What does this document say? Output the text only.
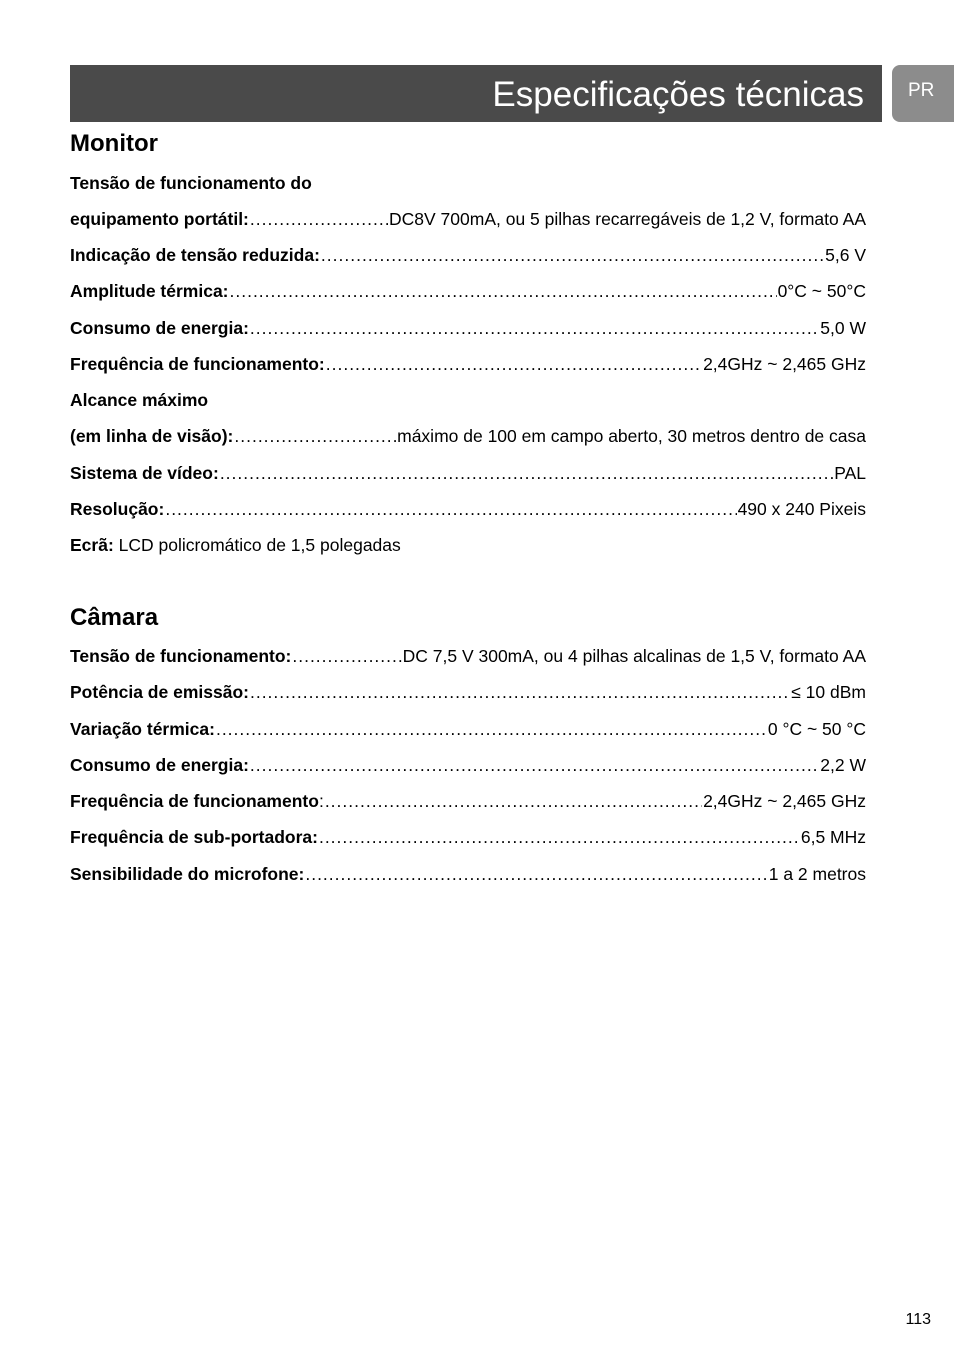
Especificações técnicas PR
Monitor
Tensão de funcionamento do
equipamento portátil: .....	DC8V 700mA, ou 5 pilhas recarregáveis de 1,2 V, formato AA
Indicação de tensão reduzida: .....	5,6 V
Amplitude térmica: .....	0°C ~ 50°C
Consumo de energia: .....	5,0 W
Frequência de funcionamento: .....	2,4GHz ~ 2,465 GHz
Alcance máximo
(em linha de visão): .....	máximo de 100 em campo aberto, 30 metros dentro de casa
Sistema de vídeo: .....	PAL
Resolução: .....	490 x 240 Pixeis
Ecrã: LCD policromático de 1,5 polegadas
Câmara
Tensão de funcionamento: .....	DC 7,5 V 300mA, ou 4 pilhas alcalinas de 1,5 V, formato AA
Potência de emissão: .....	≤ 10 dBm
Variação térmica: .....	0 °C ~ 50 °C
Consumo de energia: .....	2,2 W
Frequência de funcionamento : .....	2,4GHz ~ 2,465 GHz
Frequência de sub-portadora: .....	6,5 MHz
Sensibilidade do microfone: .....	1 a 2 metros
113
